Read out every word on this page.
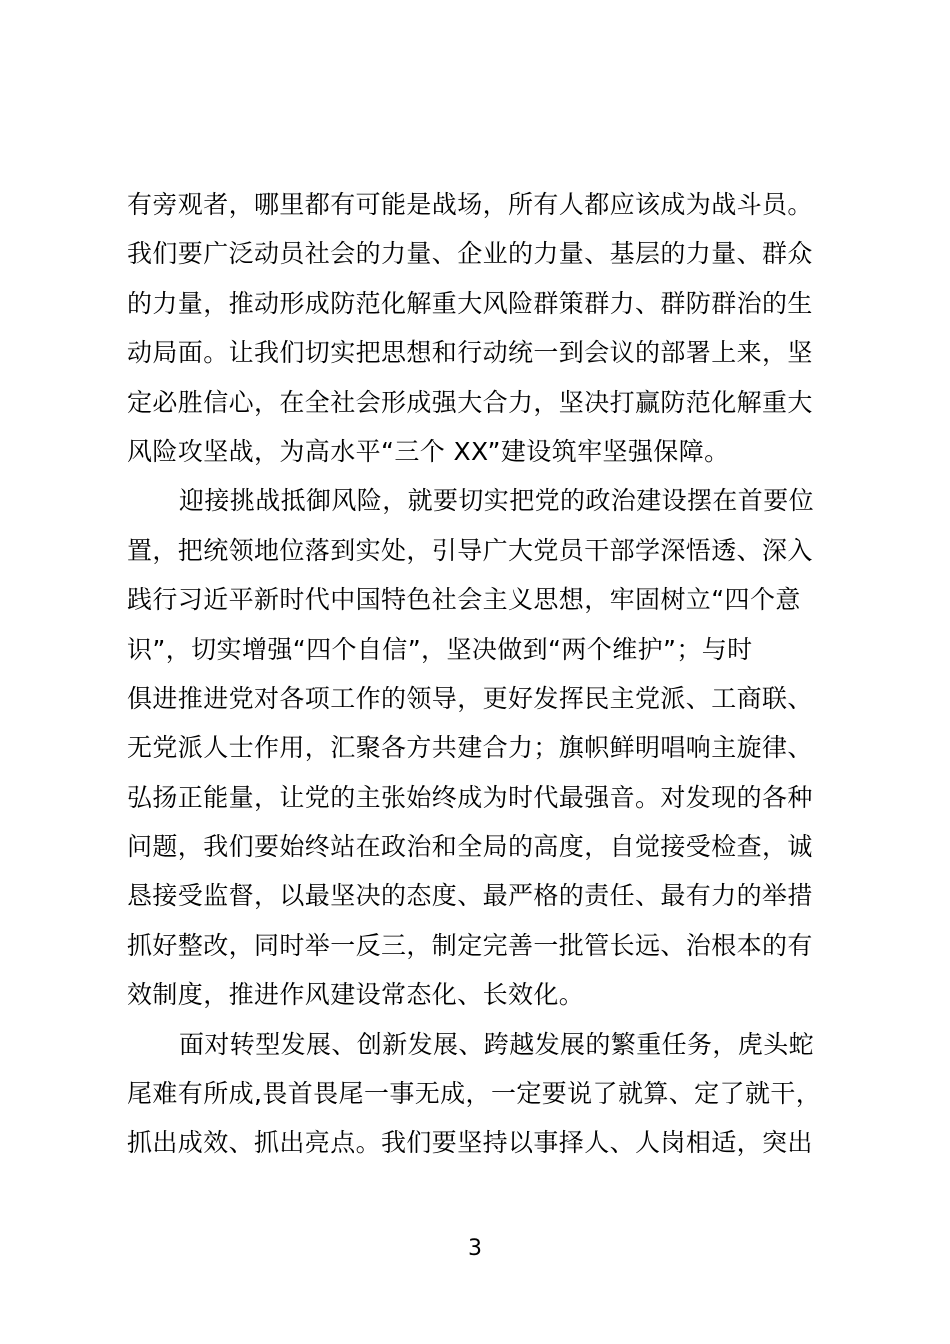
有旁观者，哪里都有可能是战场，所有人都应该成为战斗员。
我们要广泛动员社会的力量、企业的力量、基层的力量、群众
的力量，推动形成防范化解重大风险群策群力、群防群治的生
动局面。让我们切实把思想和行动统一到会议的部署上来，坚
定必胜信心，在全社会形成强大合力，坚决打赢防范化解重大
风险攻坚战，为高水平“三个 XX”建设筑牢坚强保障。
迎接挑战抵御风险，就要切实把党的政治建设摆在首要位
置，把统领地位落到实处，引导广大党员干部学深悟透、深入
践行习近平新时代中国特色社会主义思想，牢固树立“四个意
识”，切实增强“四个自信”，坚决做到“两个维护”；与时
俱进推进党对各项工作的领导，更好发挥民主党派、工商联、
无党派人士作用，汇聚各方共建合力；旗帜鲜明唱响主旋律、
弘扬正能量，让党的主张始终成为时代最强音。对发现的各种
问题，我们要始终站在政治和全局的高度，自觉接受检查，诚
恳接受监督，以最坚决的态度、最严格的责任、最有力的举措
抓好整改，同时举一反三，制定完善一批管长远、治根本的有
效制度，推进作风建设常态化、长效化。
面对转型发展、创新发展、跨越发展的繁重任务，虎头蛇
尾难有所成,畏首畏尾一事无成，一定要说了就算、定了就干，
抓出成效、抓出亮点。我们要坚持以事择人、人岗相适，突出
3
